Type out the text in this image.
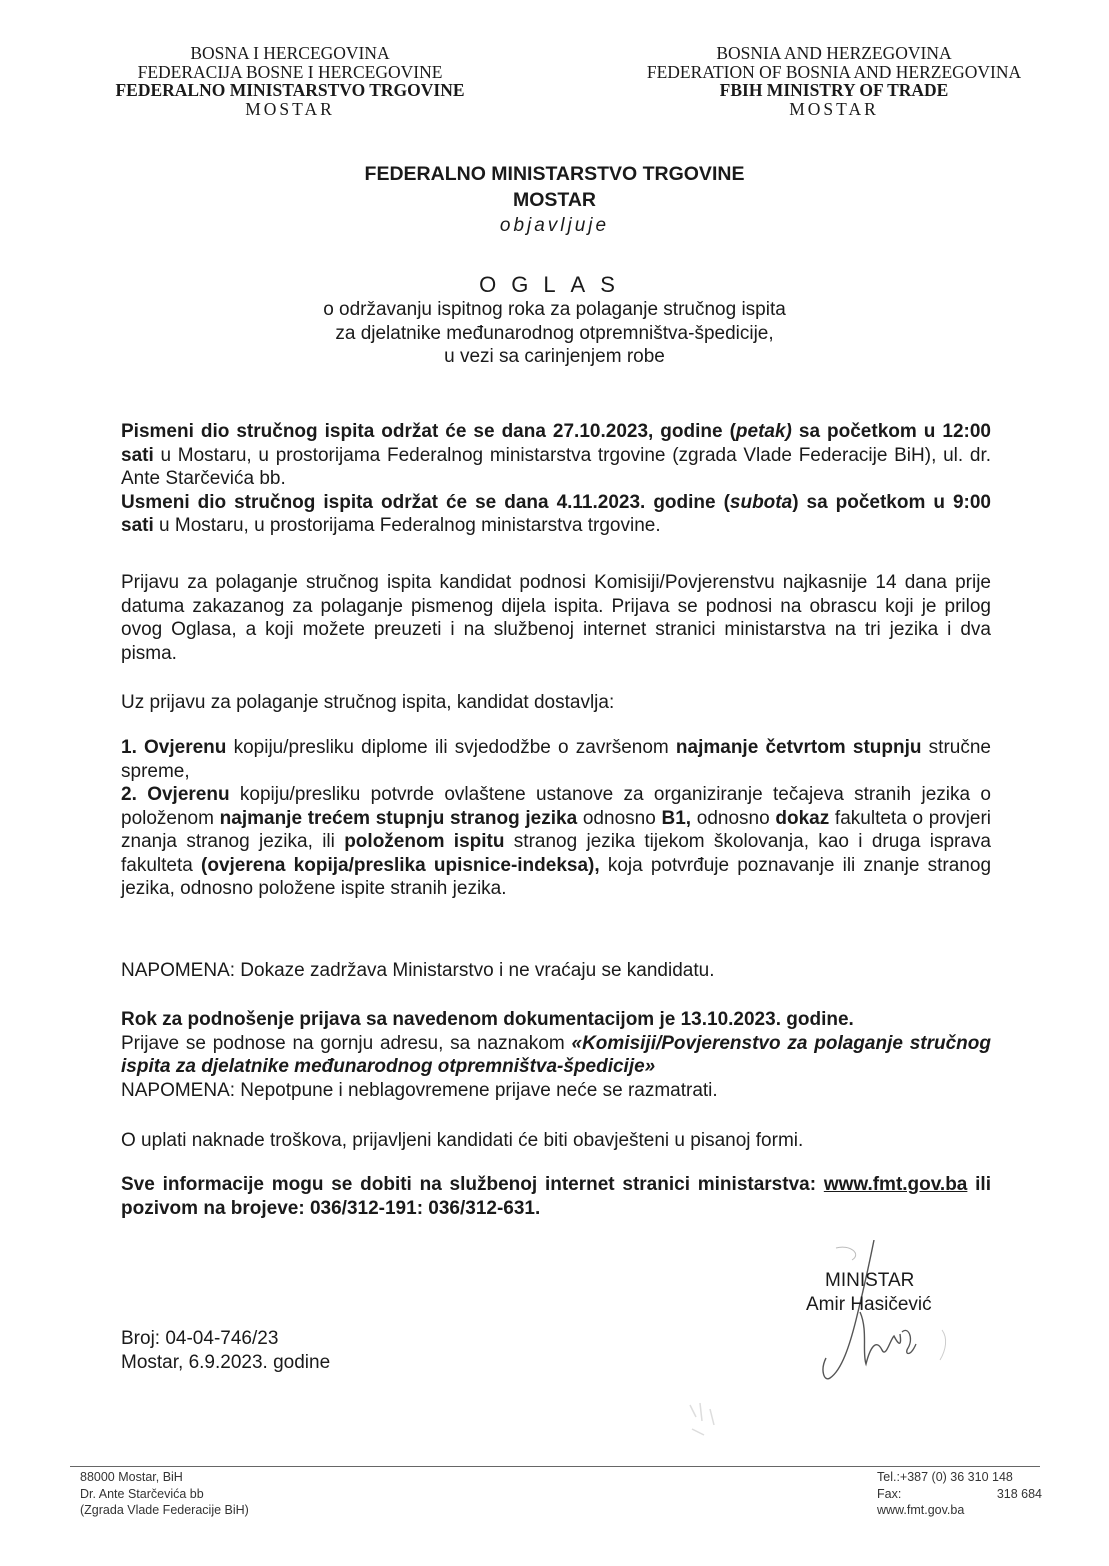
BOSNA I HERCEGOVINA
FEDERACIJA BOSNE I HERCEGOVINE
FEDERALNO MINISTARSTVO TRGOVINE
MOSTAR
BOSNIA AND HERZEGOVINA
FEDERATION OF BOSNIA AND HERZEGOVINA
FBIH MINISTRY OF TRADE
MOSTAR
FEDERALNO MINISTARSTVO TRGOVINE
MOSTAR
objavljuje
OGLAS
o održavanju ispitnog roka za polaganje stručnog ispita
za djelatnike međunarodnog otpremništva-špedicije,
u vezi sa carinjenjem robe

Pismeni dio stručnog ispita održat će se dana 27.10.2023, godine (petak) sa početkom u 12:00 sati u Mostaru, u prostorijama Federalnog ministarstva trgovine (zgrada Vlade Federacije BiH), ul. dr. Ante Starčevića bb.

Usmeni dio stručnog ispita održat će se dana 4.11.2023. godine (subota) sa početkom u 9:00 sati u Mostaru, u prostorijama Federalnog ministarstva trgovine.

Prijavu za polaganje stručnog ispita kandidat podnosi Komisiji/Povjerenstvu najkasnije 14 dana prije datuma zakazanog za polaganje pismenog dijela ispita. Prijava se podnosi na obrascu koji je prilog ovog Oglasa, a koji možete preuzeti i na službenoj internet stranici ministarstva na tri jezika i dva pisma.
Uz prijavu za polaganje stručnog ispita, kandidat dostavlja:

1. Ovjerenu kopiju/presliku diplome ili svjedodžbe o završenom najmanje četvrtom stupnju stručne spreme,

2. Ovjerenu kopiju/presliku potvrde ovlaštene ustanove za organiziranje tečajeva stranih jezika o položenom najmanje trećem stupnju stranog jezika odnosno B1, odnosno dokaz fakulteta o provjeri znanja stranog jezika, ili položenom ispitu stranog jezika tijekom školovanja, kao i druga isprava fakulteta (ovjerena kopija/preslika upisnice-indeksa), koja potvrđuje poznavanje ili znanje stranog jezika, odnosno položene ispite stranih jezika.

NAPOMENA: Dokaze zadržava Ministarstvo i ne vraćaju se kandidatu.

Rok za podnošenje prijava sa navedenom dokumentacijom je 13.10.2023. godine.

Prijave se podnose na gornju adresu, sa naznakom «Komisiji/Povjerenstvo za polaganje stručnog ispita za djelatnike međunarodnog otpremništva-špedicije»

NAPOMENA: Nepotpune i neblagovremene prijave neće se razmatrati.

O uplati naknade troškova, prijavljeni kandidati će biti obavješteni u pisanoj formi.
Sve informacije mogu se dobiti na službenoj internet stranici ministarstva: www.fmt.gov.ba ili pozivom na brojeve: 036/312-191: 036/312-631.
MINISTAR
Amir Hasičević
Broj: 04-04-746/23
Mostar, 6.9.2023. godine
88000 Mostar, BiH
Dr. Ante Starčevića bb
(Zgrada Vlade Federacije BiH)
Tel.:+387 (0) 36 310 148
Fax:	318 684
www.fmt.gov.ba
